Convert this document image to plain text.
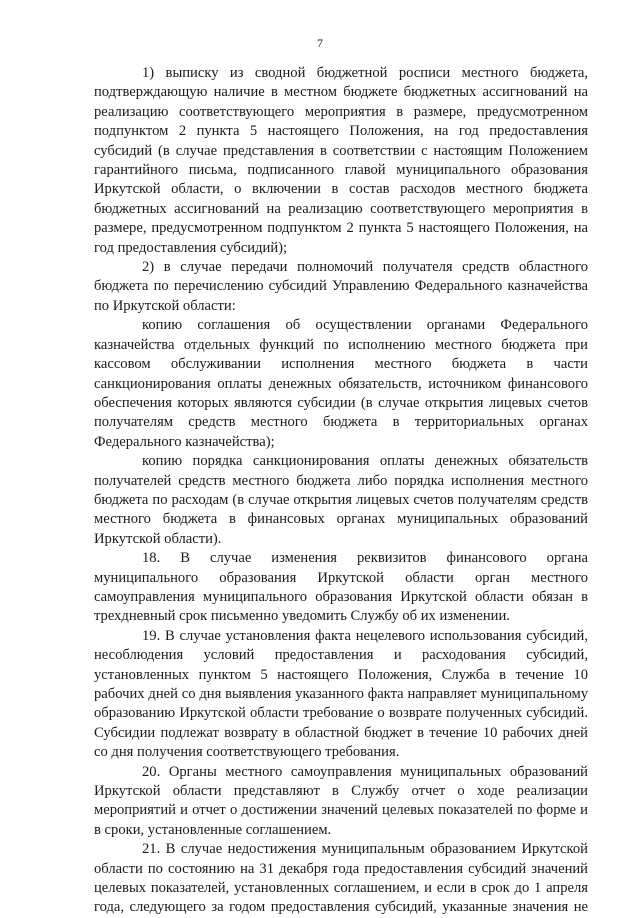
7

1) выписку из сводной бюджетной росписи местного бюджета, подтверждающую наличие в местном бюджете бюджетных ассигнований на реализацию соответствующего мероприятия в размере, предусмотренном подпунктом 2 пункта 5 настоящего Положения, на год предоставления субсидий (в случае представления в соответствии с настоящим Положением гарантийного письма, подписанного главой муниципального образования Иркутской области, о включении в состав расходов местного бюджета бюджетных ассигнований на реализацию соответствующего мероприятия в размере, предусмотренном подпунктом 2 пункта 5 настоящего Положения, на год предоставления субсидий);

2) в случае передачи полномочий получателя средств областного бюджета по перечислению субсидий Управлению Федерального казначейства по Иркутской области:

копию соглашения об осуществлении органами Федерального казначейства отдельных функций по исполнению местного бюджета при кассовом обслуживании исполнения местного бюджета в части санкционирования оплаты денежных обязательств, источником финансового обеспечения которых являются субсидии (в случае открытия лицевых счетов получателям средств местного бюджета в территориальных органах Федерального казначейства);

копию порядка санкционирования оплаты денежных обязательств получателей средств местного бюджета либо порядка исполнения местного бюджета по расходам (в случае открытия лицевых счетов получателям средств местного бюджета в финансовых органах муниципальных образований Иркутской области).

18. В случае изменения реквизитов финансового органа муниципального образования Иркутской области орган местного самоуправления муниципального образования Иркутской области обязан в трехдневный срок письменно уведомить Службу об их изменении.

19. В случае установления факта нецелевого использования субсидий, несоблюдения условий предоставления и расходования субсидий, установленных пунктом 5 настоящего Положения, Служба в течение 10 рабочих дней со дня выявления указанного факта направляет муниципальному образованию Иркутской области требование о возврате полученных субсидий. Субсидии подлежат возврату в областной бюджет в течение 10 рабочих дней со дня получения соответствующего требования.

20. Органы местного самоуправления муниципальных образований Иркутской области представляют в Службу отчет о ходе реализации мероприятий и отчет о достижении значений целевых показателей по форме и в сроки, установленные соглашением.

21. В случае недостижения муниципальным образованием Иркутской области по состоянию на 31 декабря года предоставления субсидий значений целевых показателей, установленных соглашением, и если в срок до 1 апреля года, следующего за годом предоставления субсидий, указанные значения не
